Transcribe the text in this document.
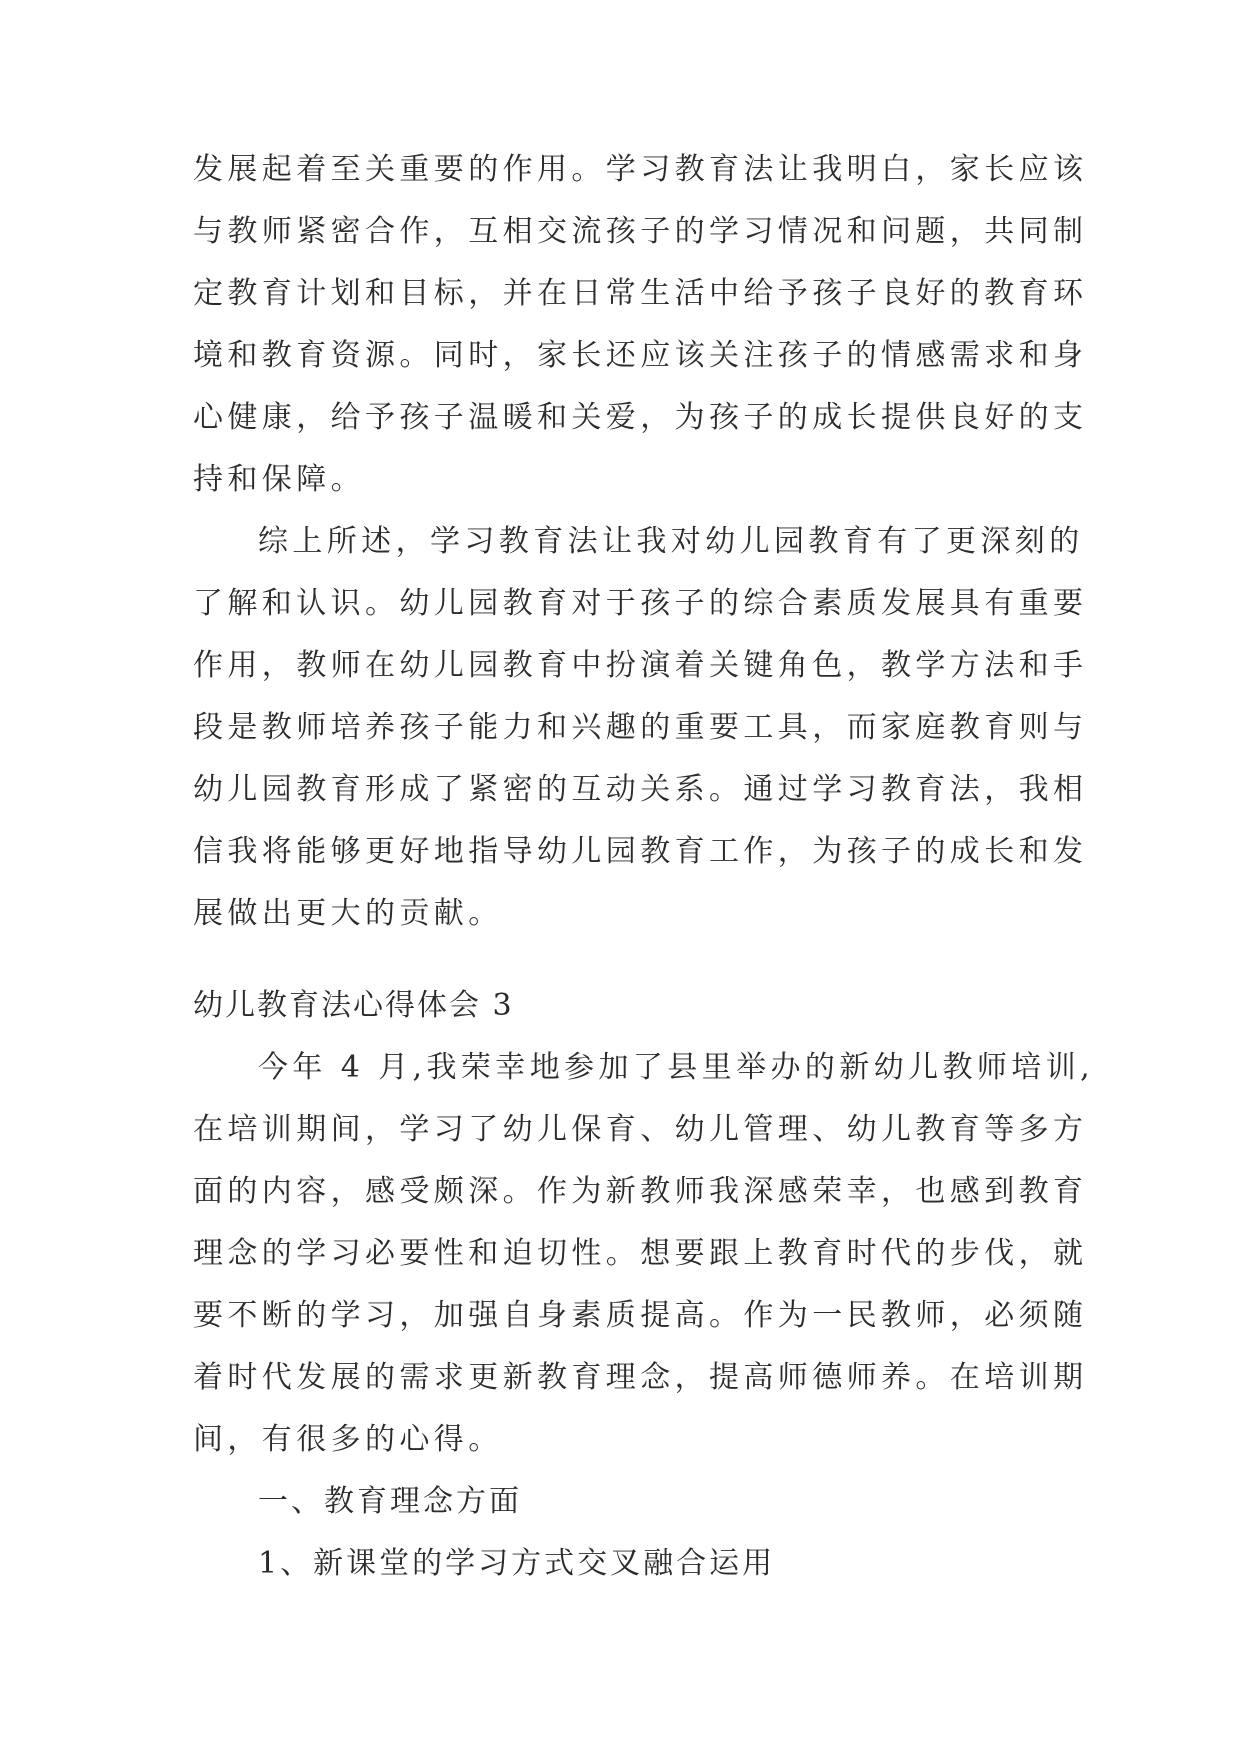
发展起着至关重要的作用。学习教育法让我明白，家长应该
与教师紧密合作，互相交流孩子的学习情况和问题，共同制
定教育计划和目标，并在日常生活中给予孩子良好的教育环
境和教育资源。同时，家长还应该关注孩子的情感需求和身
心健康，给予孩子温暖和关爱，为孩子的成长提供良好的支
持和保障。
综上所述，学习教育法让我对幼儿园教育有了更深刻的
了解和认识。幼儿园教育对于孩子的综合素质发展具有重要
作用，教师在幼儿园教育中扮演着关键角色，教学方法和手
段是教师培养孩子能力和兴趣的重要工具，而家庭教育则与
幼儿园教育形成了紧密的互动关系。通过学习教育法，我相
信我将能够更好地指导幼儿园教育工作，为孩子的成长和发
展做出更大的贡献。
幼儿教育法心得体会 3
今年 4 月,我荣幸地参加了县里举办的新幼儿教师培训,
在培训期间，学习了幼儿保育、幼儿管理、幼儿教育等多方
面的内容，感受颇深。作为新教师我深感荣幸，也感到教育
理念的学习必要性和迫切性。想要跟上教育时代的步伐，就
要不断的学习，加强自身素质提高。作为一民教师，必须随
着时代发展的需求更新教育理念，提高师德师养。在培训期
间，有很多的心得。
一、教育理念方面
1、新课堂的学习方式交叉融合运用
